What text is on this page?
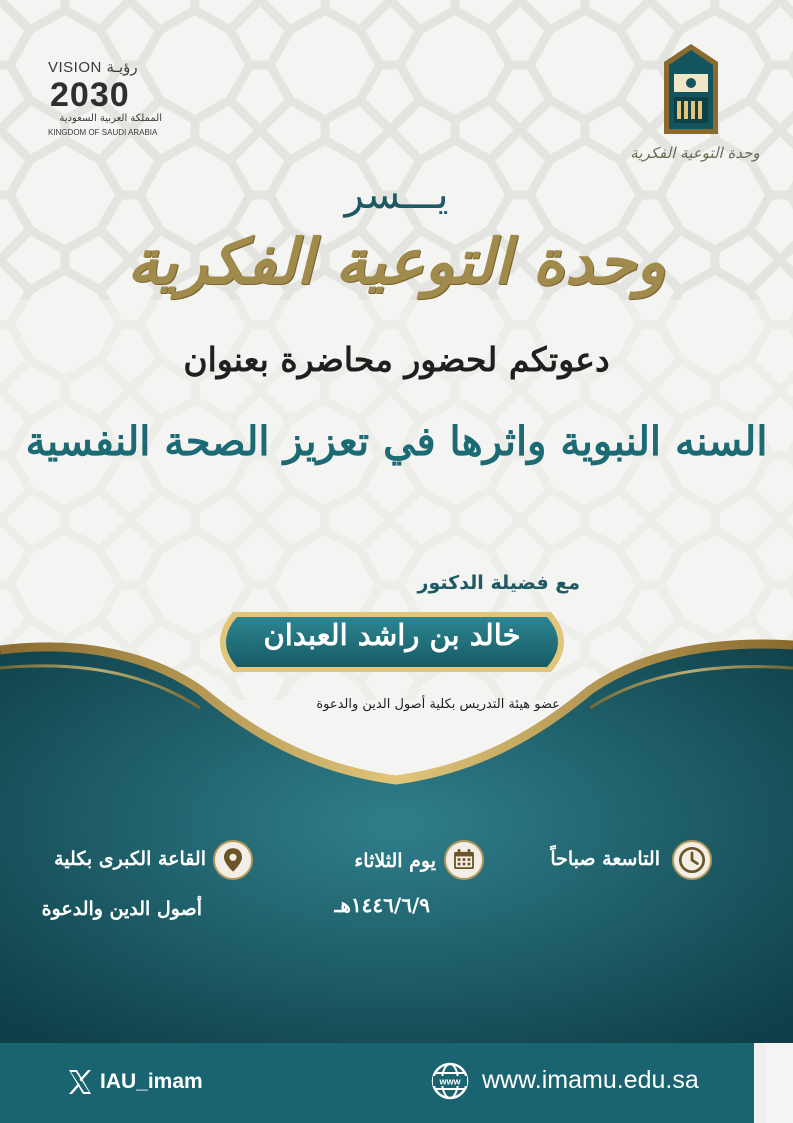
VISION رؤيـة
2030
المملكة العربية السعودية
KINGDOM OF SAUDI ARABIA
وحدة التوعية الفكرية
يـــسر
وحدة التوعية الفكرية
دعوتكم لحضور محاضرة بعنوان
السنه النبوية واثرها في تعزيز الصحة النفسية
مع فضيلة الدكتور
خالد بن راشد العبدان
عضو هيئة التدريس بكلية أصول الدين والدعوة
التاسعة صباحاً
يوم الثلاثاء
١٤٤٦/٦/٩هـ
القاعة الكبرى بكلية
أصول الدين والدعوة
IAU_imam	www www.imamu.edu.sa
